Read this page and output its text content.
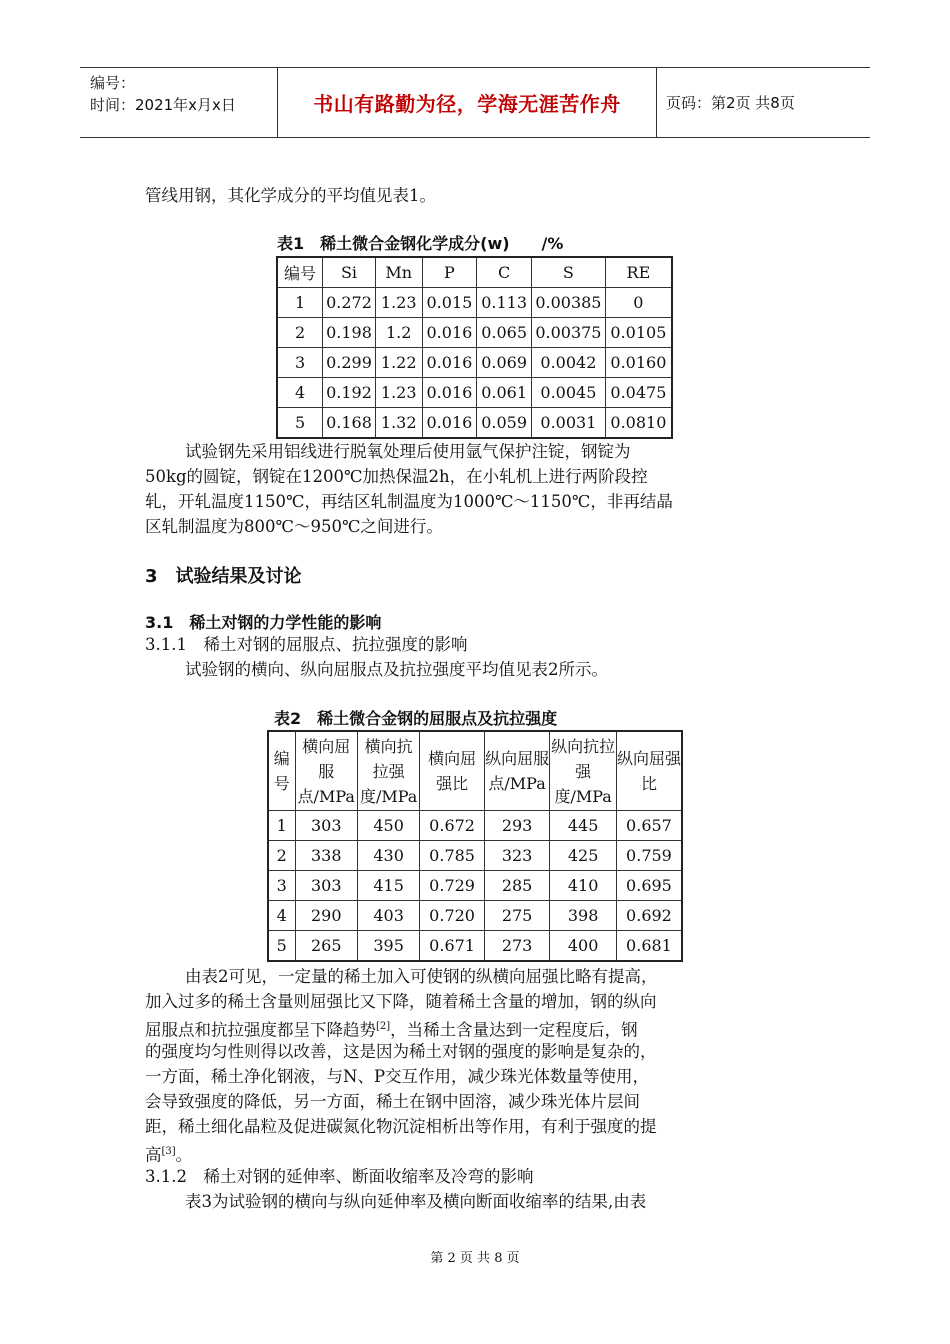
编号：
时间：2021年x月x日	书山有路勤为径，学海无涯苦作舟	页码：第2页 共8页
管线用钢，其化学成分的平均值见表1。
表1　稀土微合金钢化学成分(w)　　/%
编号	Si	Mn	P	C	S	RE
1	0.272	1.23	0.015	0.113	0.00385	0
2	0.198	1.2	0.016	0.065	0.00375	0.0105
3	0.299	1.22	0.016	0.069	0.0042	0.0160
4	0.192	1.23	0.016	0.061	0.0045	0.0475
5	0.168	1.32	0.016	0.059	0.0031	0.0810
试验钢先采用铝线进行脱氧处理后使用氩气保护注锭，钢锭为
50kg的圆锭，钢锭在1200℃加热保温2h，在小轧机上进行两阶段控
轧，开轧温度1150℃，再结区轧制温度为1000℃～1150℃，非再结晶
区轧制温度为800℃～950℃之间进行。
3　试验结果及讨论
3.1　稀土对钢的力学性能的影响
3.1.1　稀土对钢的屈服点、抗拉强度的影响
试验钢的横向、纵向屈服点及抗拉强度平均值见表2所示。
表2　稀土微合金钢的屈服点及抗拉强度
编号	横向屈服点/MPa	横向抗拉强度/MPa	横向屈强比	纵向屈服点/MPa	纵向抗拉强度/MPa	纵向屈强比
1	303	450	0.672	293	445	0.657
2	338	430	0.785	323	425	0.759
3	303	415	0.729	285	410	0.695
4	290	403	0.720	275	398	0.692
5	265	395	0.671	273	400	0.681
由表2可见，一定量的稀土加入可使钢的纵横向屈强比略有提高，
加入过多的稀土含量则屈强比又下降，随着稀土含量的增加，钢的纵向
屈服点和抗拉强度都呈下降趋势[2]，当稀土含量达到一定程度后，钢
的强度均匀性则得以改善，这是因为稀土对钢的强度的影响是复杂的，
一方面，稀土净化钢液，与N、P交互作用，减少珠光体数量等使用，
会导致强度的降低，另一方面，稀土在钢中固溶，减少珠光体片层间
距，稀土细化晶粒及促进碳氮化物沉淀相析出等作用，有利于强度的提
高[3]。
3.1.2　稀土对钢的延伸率、断面收缩率及冷弯的影响
表3为试验钢的横向与纵向延伸率及横向断面收缩率的结果,由表
第 2 页 共 8 页
